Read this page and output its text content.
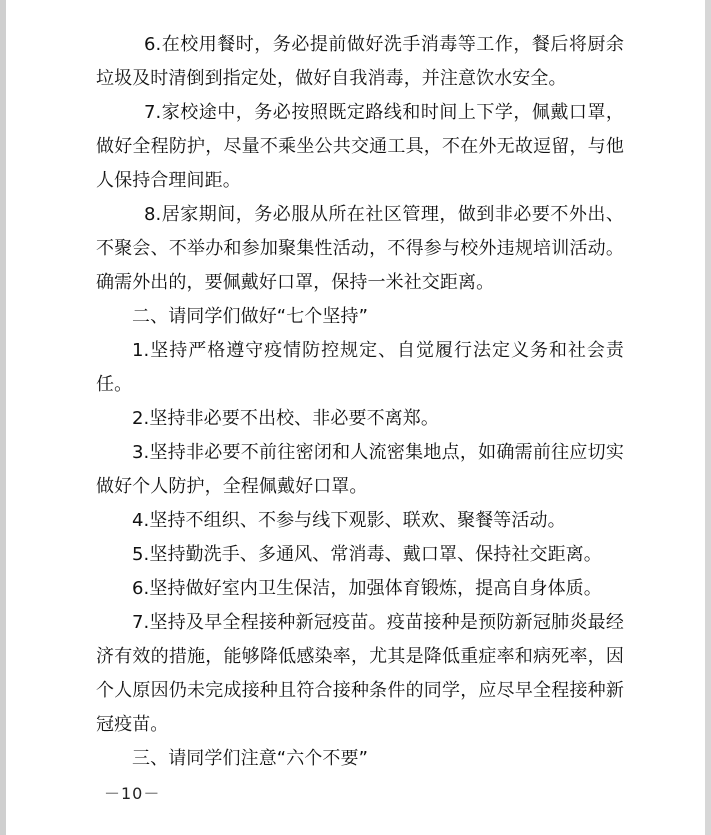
6.在校用餐时，务必提前做好洗手消毒等工作，餐后将厨余垃圾及时清倒到指定处，做好自我消毒，并注意饮水安全。

7.家校途中，务必按照既定路线和时间上下学，佩戴口罩，做好全程防护，尽量不乘坐公共交通工具，不在外无故逗留，与他人保持合理间距。

8.居家期间，务必服从所在社区管理，做到非必要不外出、不聚会、不举办和参加聚集性活动，不得参与校外违规培训活动。确需外出的，要佩戴好口罩，保持一米社交距离。

二、请同学们做好“七个坚持”

1.坚持严格遵守疫情防控规定、自觉履行法定义务和社会责任。

2.坚持非必要不出校、非必要不离郑。

3.坚持非必要不前往密闭和人流密集地点，如确需前往应切实做好个人防护，全程佩戴好口罩。

4.坚持不组织、不参与线下观影、联欢、聚餐等活动。

5.坚持勤洗手、多通风、常消毒、戴口罩、保持社交距离。

6.坚持做好室内卫生保洁，加强体育锻炼，提高自身体质。

7.坚持及早全程接种新冠疫苗。疫苗接种是预防新冠肺炎最经济有效的措施，能够降低感染率，尤其是降低重症率和病死率，因个人原因仍未完成接种且符合接种条件的同学，应尽早全程接种新冠疫苗。

三、请同学们注意“六个不要”

－10－
